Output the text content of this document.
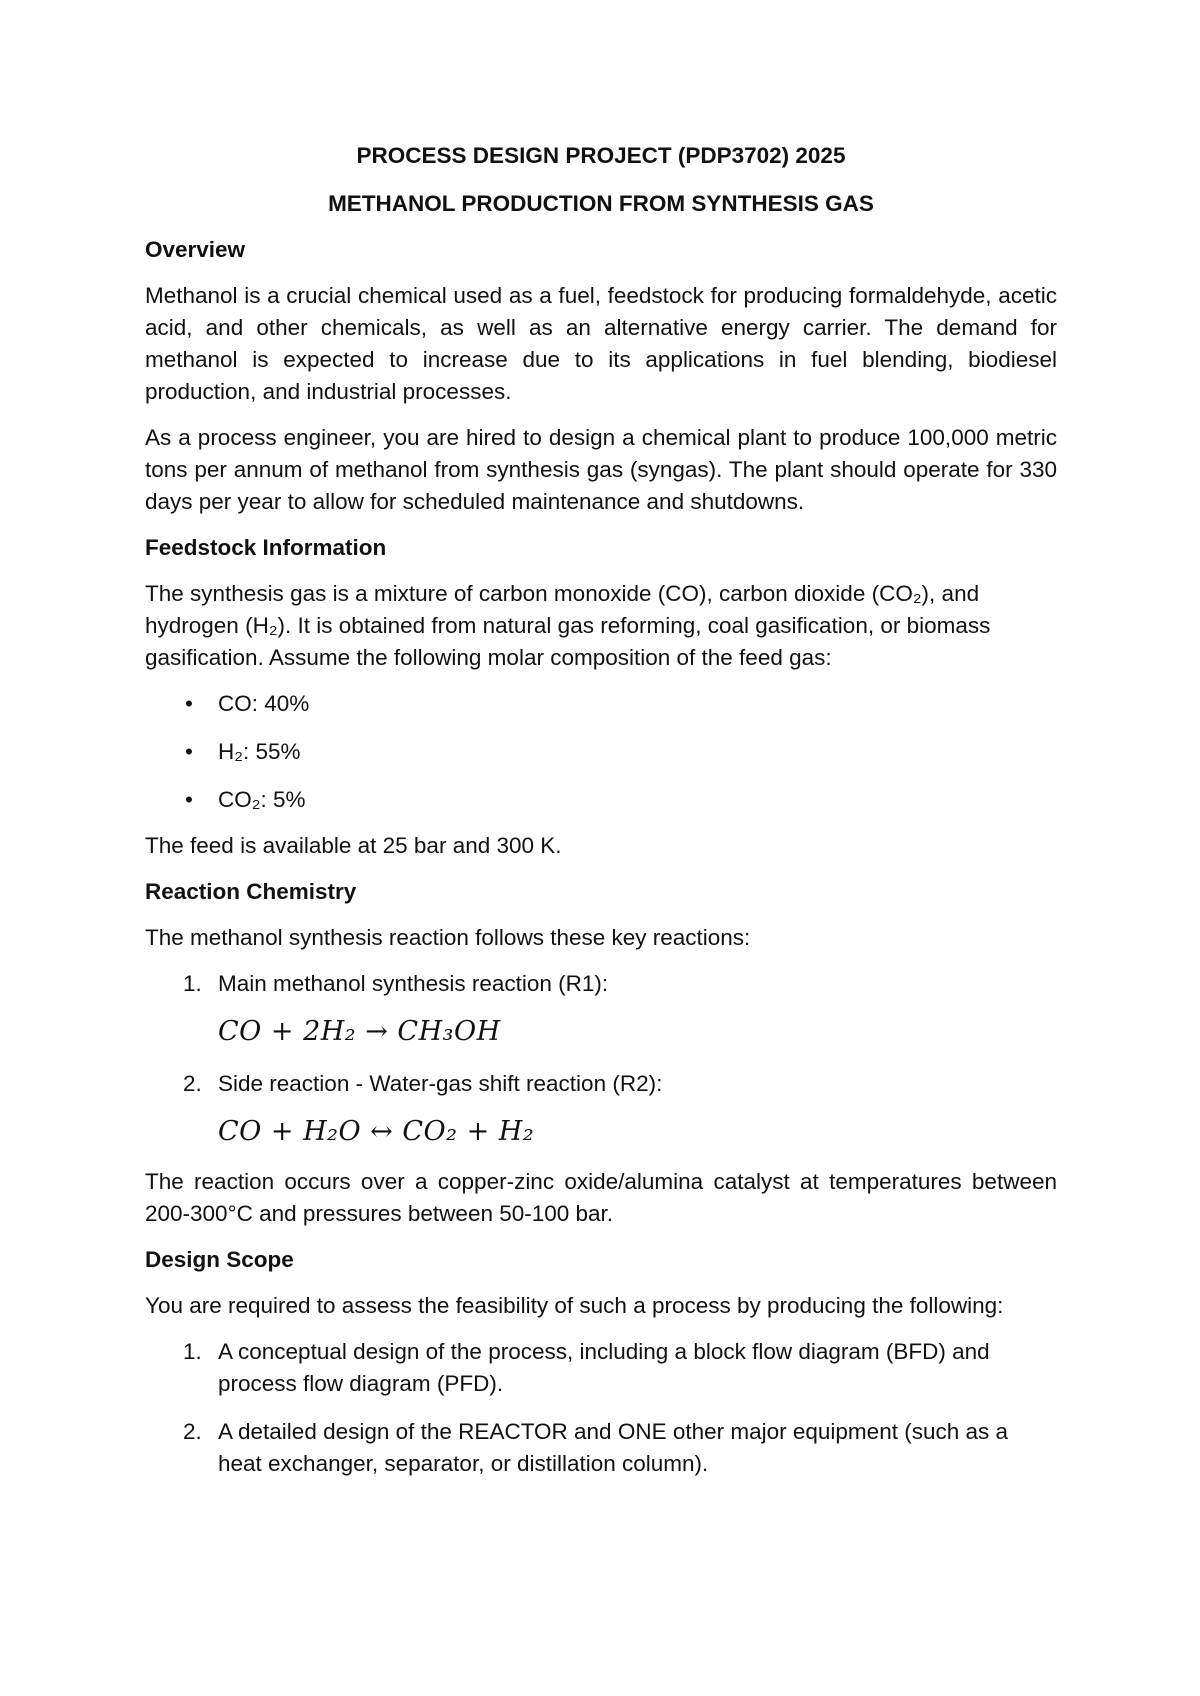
PROCESS DESIGN PROJECT (PDP3702) 2025

METHANOL PRODUCTION FROM SYNTHESIS GAS

Overview

Methanol is a crucial chemical used as a fuel, feedstock for producing formaldehyde, acetic acid, and other chemicals, as well as an alternative energy carrier. The demand for methanol is expected to increase due to its applications in fuel blending, biodiesel production, and industrial processes.

As a process engineer, you are hired to design a chemical plant to produce 100,000 metric tons per annum of methanol from synthesis gas (syngas). The plant should operate for 330 days per year to allow for scheduled maintenance and shutdowns.

Feedstock Information

The synthesis gas is a mixture of carbon monoxide (CO), carbon dioxide (CO₂), and hydrogen (H₂). It is obtained from natural gas reforming, coal gasification, or biomass gasification. Assume the following molar composition of the feed gas:

• CO: 40%
• H₂: 55%
• CO₂: 5%

The feed is available at 25 bar and 300 K.

Reaction Chemistry

The methanol synthesis reaction follows these key reactions:

1. Main methanol synthesis reaction (R1):
CO + 2H₂ → CH₃OH
2. Side reaction - Water-gas shift reaction (R2):
CO + H₂O ↔ CO₂ + H₂

The reaction occurs over a copper-zinc oxide/alumina catalyst at temperatures between 200-300°C and pressures between 50-100 bar.

Design Scope

You are required to assess the feasibility of such a process by producing the following:

1. A conceptual design of the process, including a block flow diagram (BFD) and process flow diagram (PFD).
2. A detailed design of the REACTOR and ONE other major equipment (such as a heat exchanger, separator, or distillation column).
